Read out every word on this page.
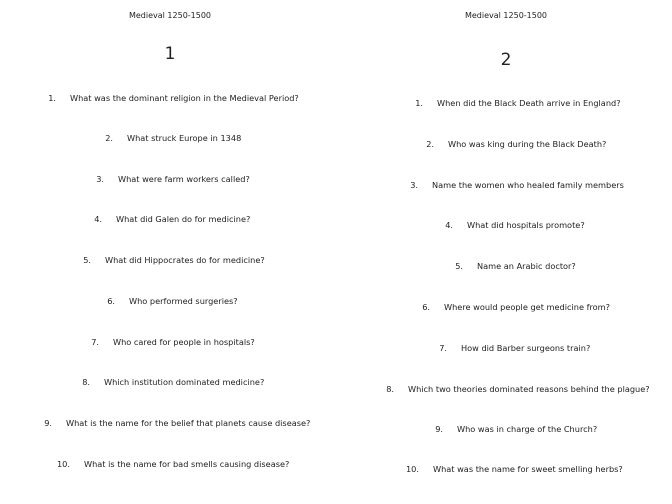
Medieval 1250-1500
1
1. What was the dominant religion in the Medieval Period?
2. What struck Europe in 1348
3. What were farm workers called?
4. What did Galen do for medicine?
5. What did Hippocrates do for medicine?
6. Who performed surgeries?
7. Who cared for people in hospitals?
8. Which institution dominated medicine?
9. What is the name for the belief that planets cause disease?
10. What is the name for bad smells causing disease?
Medieval 1250-1500
2
1. When did the Black Death arrive in England?
2. Who was king during the Black Death?
3. Name the women who healed family members
4. What did hospitals promote?
5. Name an Arabic doctor?
6. Where would people get medicine from?
7. How did Barber surgeons train?
8. Which two theories dominated reasons behind the plague?
9. Who was in charge of the Church?
10. What was the name for sweet smelling herbs?
